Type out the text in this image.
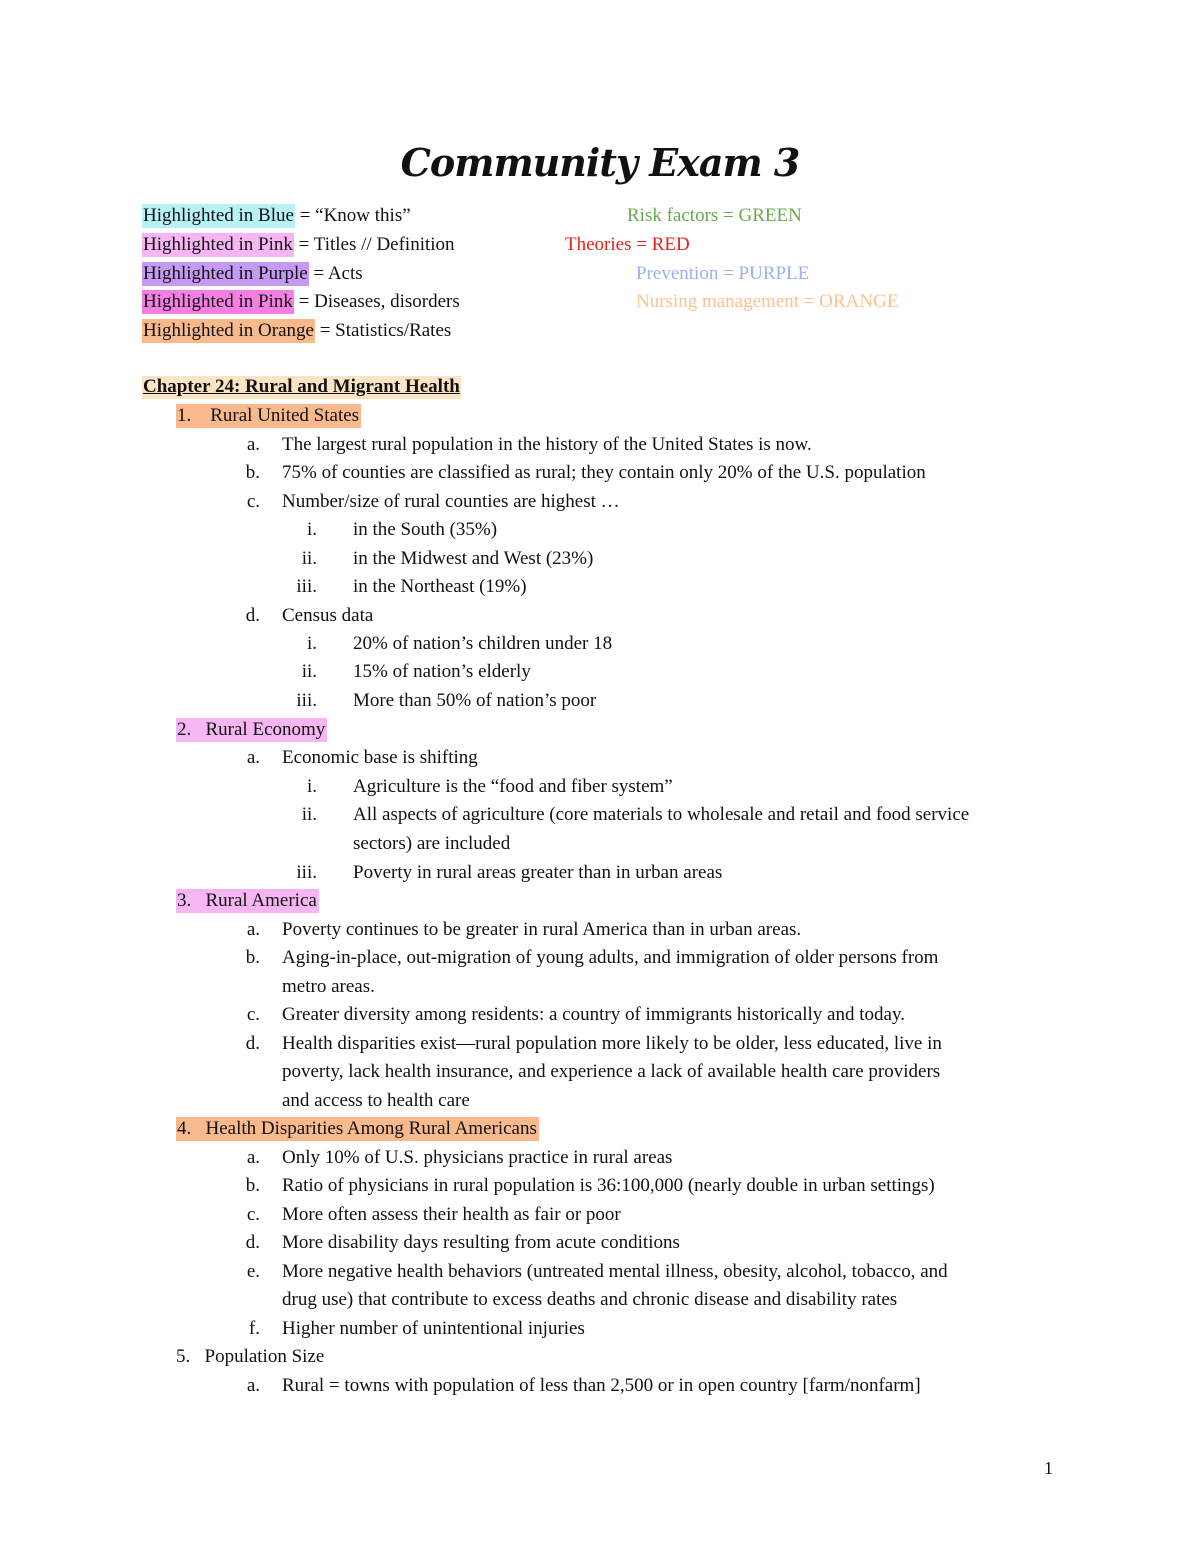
Community Exam 3
Highlighted in Blue = “Know this”
Highlighted in Pink = Titles // Definition
Highlighted in Purple = Acts
Highlighted in Pink = Diseases, disorders
Highlighted in Orange = Statistics/Rates
Risk factors = GREEN
Theories = RED
Prevention = PURPLE
Nursing management = ORANGE
Chapter 24: Rural and Migrant Health
1. Rural United States
a. The largest rural population in the history of the United States is now.
b. 75% of counties are classified as rural; they contain only 20% of the U.S. population
c. Number/size of rural counties are highest …
i. in the South (35%)
ii. in the Midwest and West (23%)
iii. in the Northeast (19%)
d. Census data
i. 20% of nation’s children under 18
ii. 15% of nation’s elderly
iii. More than 50% of nation’s poor
2. Rural Economy
a. Economic base is shifting
i. Agriculture is the “food and fiber system”
ii. All aspects of agriculture (core materials to wholesale and retail and food service
sectors) are included
iii. Poverty in rural areas greater than in urban areas
3. Rural America
a. Poverty continues to be greater in rural America than in urban areas.
b. Aging-in-place, out-migration of young adults, and immigration of older persons from
metro areas.
c. Greater diversity among residents: a country of immigrants historically and today.
d. Health disparities exist—rural population more likely to be older, less educated, live in
poverty, lack health insurance, and experience a lack of available health care providers
and access to health care
4. Health Disparities Among Rural Americans
a. Only 10% of U.S. physicians practice in rural areas
b. Ratio of physicians in rural population is 36:100,000 (nearly double in urban settings)
c. More often assess their health as fair or poor
d. More disability days resulting from acute conditions
e. More negative health behaviors (untreated mental illness, obesity, alcohol, tobacco, and
drug use) that contribute to excess deaths and chronic disease and disability rates
f. Higher number of unintentional injuries
5. Population Size
a. Rural = towns with population of less than 2,500 or in open country [farm/nonfarm]
1
